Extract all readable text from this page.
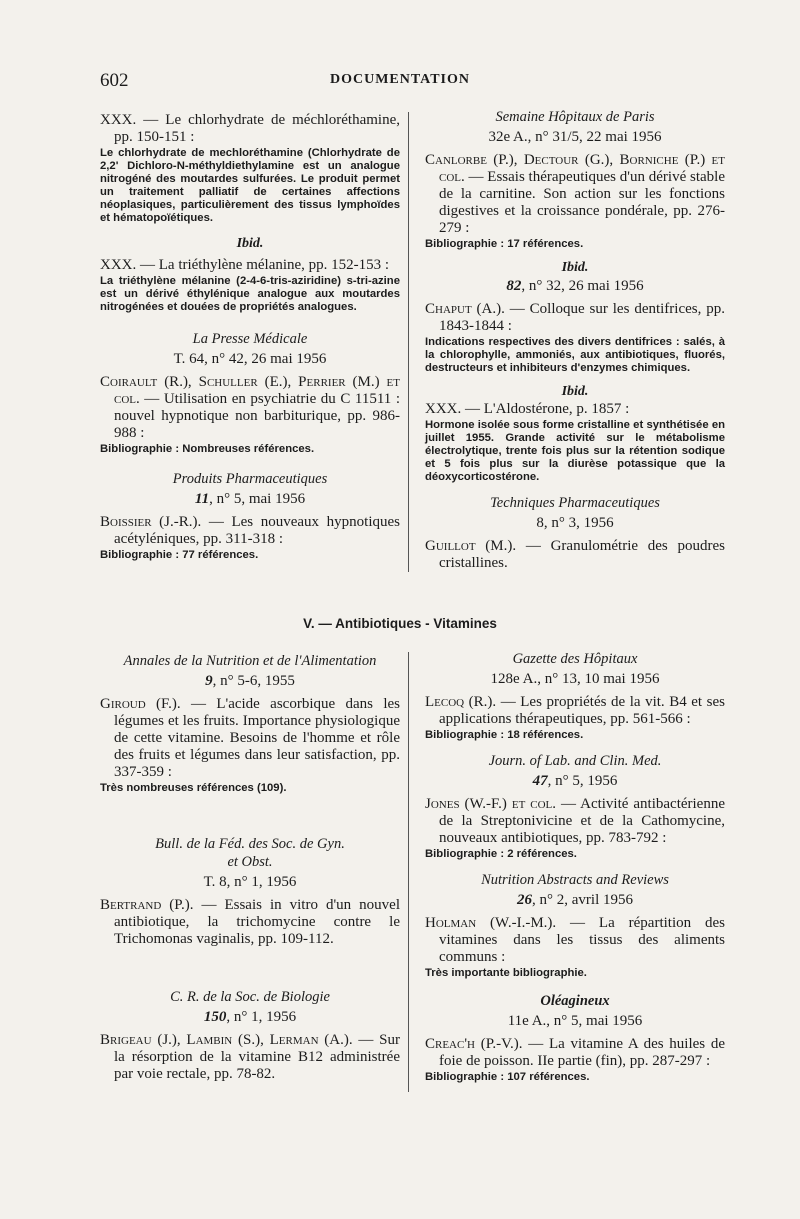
602	DOCUMENTATION
XXX. — Le chlorhydrate de méchloréthamine, pp. 150-151 :
Le chlorhydrate de mechloréthamine (Chlorhydrate de 2,2' Dichloro-N-méthyldiethylamine est un analogue nitrogéné des moutardes sulfurées. Le produit permet un traitement palliatif de certaines affections néoplasiques, particulièrement des tissus lymphoïdes et hématopoïétiques.
Ibid.
XXX. — La triéthylène mélanine, pp. 152-153 :
La triéthylène mélanine (2-4-6-tris-aziridine) s-tri-azine est un dérivé éthylénique analogue aux moutardes nitrogénées et douées de propriétés analogues.
La Presse Médicale
T. 64, n° 42, 26 mai 1956
Coirault (R.), Schuller (E.), Perrier (M.) et col. — Utilisation en psychiatrie du C 11511 : nouvel hypnotique non barbiturique, pp. 986-988 :
Bibliographie : Nombreuses références.
Produits Pharmaceutiques
11, n° 5, mai 1956
Boissier (J.-R.). — Les nouveaux hypnotiques acétyléniques, pp. 311-318 :
Bibliographie : 77 références.
Semaine Hôpitaux de Paris
32e A., n° 31/5, 22 mai 1956
Canlorbe (P.), Dectour (G.), Borniche (P.) et col. — Essais thérapeutiques d'un dérivé stable de la carnitine. Son action sur les fonctions digestives et la croissance pondérale, pp. 276-279 :
Bibliographie : 17 références.
Ibid.
82, n° 32, 26 mai 1956
Chaput (A.). — Colloque sur les dentifrices, pp. 1843-1844 :
Indications respectives des divers dentifrices : salés, à la chlorophylle, ammoniés, aux antibiotiques, fluorés, destructeurs et inhibiteurs d'enzymes chimiques.
Ibid.
XXX. — L'Aldostérone, p. 1857 :
Hormone isolée sous forme cristalline et synthétisée en juillet 1955. Grande activité sur le métabolisme électrolytique, trente fois plus sur la rétention sodique et 5 fois plus sur la diurèse potassique que la déoxycorticostérone.
Techniques Pharmaceutiques
8, n° 3, 1956
Guillot (M.). — Granulométrie des poudres cristallines.
V. — Antibiotiques - Vitamines
Annales de la Nutrition et de l'Alimentation
9, n° 5-6, 1955
Giroud (F.). — L'acide ascorbique dans les légumes et les fruits. Importance physiologique de cette vitamine. Besoins de l'homme et rôle des fruits et légumes dans leur satisfaction, pp. 337-359 :
Très nombreuses références (109).
Bull. de la Féd. des Soc. de Gyn.
et Obst.
T. 8, n° 1, 1956
Bertrand (P.). — Essais in vitro d'un nouvel antibiotique, la trichomycine contre le Trichomonas vaginalis, pp. 109-112.
C. R. de la Soc. de Biologie
150, n° 1, 1956
Brigeau (J.), Lambin (S.), Lerman (A.). — Sur la résorption de la vitamine B12 administrée par voie rectale, pp. 78-82.
Gazette des Hôpitaux
128e A., n° 13, 10 mai 1956
Lecoq (R.). — Les propriétés de la vit. B4 et ses applications thérapeutiques, pp. 561-566 :
Bibliographie : 18 références.
Journ. of Lab. and Clin. Med.
47, n° 5, 1956
Jones (W.-F.) et col. — Activité antibactérienne de la Streptonivicine et de la Cathomycine, nouveaux antibiotiques, pp. 783-792 :
Bibliographie : 2 références.
Nutrition Abstracts and Reviews
26, n° 2, avril 1956
Holman (W.-I.-M.). — La répartition des vitamines dans les tissus des aliments communs :
Très importante bibliographie.
Oléagineux
11e A., n° 5, mai 1956
Creac'h (P.-V.). — La vitamine A des huiles de foie de poisson. IIe partie (fin), pp. 287-297 :
Bibliographie : 107 références.
